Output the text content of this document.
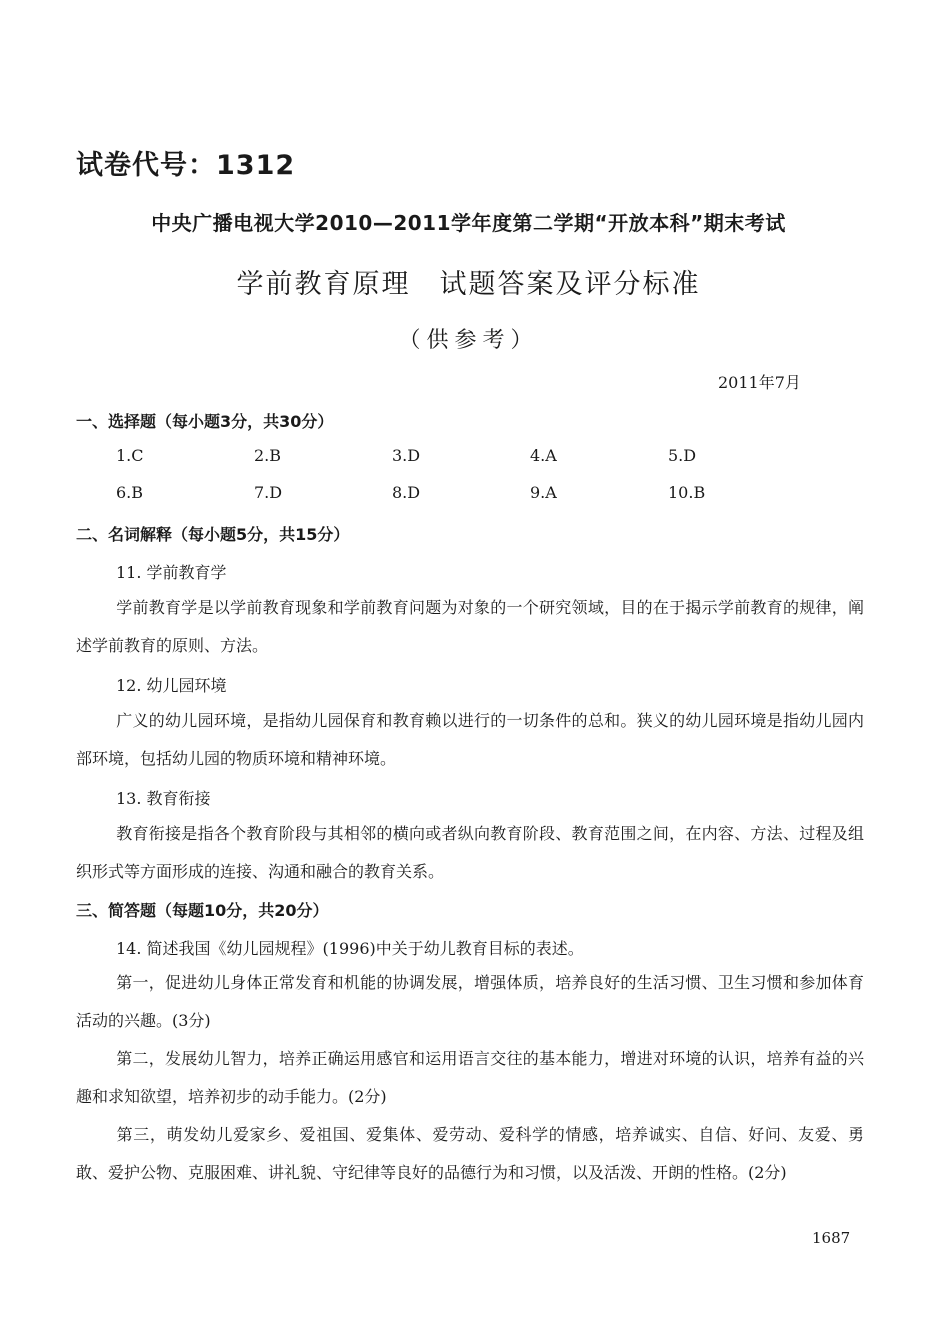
试卷代号：1312
中央广播电视大学2010—2011学年度第二学期“开放本科”期末考试
学前教育原理　试题答案及评分标准
（供参考）
2011年7月
一、选择题（每小题3分，共30分）
1.C	2.B	3.D	4.A	5.D
6.B	7.D	8.D	9.A	10.B
二、名词解释（每小题5分，共15分）
11. 学前教育学
学前教育学是以学前教育现象和学前教育问题为对象的一个研究领域，目的在于揭示学前教育的规律，阐述学前教育的原则、方法。
12. 幼儿园环境
广义的幼儿园环境，是指幼儿园保育和教育赖以进行的一切条件的总和。狭义的幼儿园环境是指幼儿园内部环境，包括幼儿园的物质环境和精神环境。
13. 教育衔接
教育衔接是指各个教育阶段与其相邻的横向或者纵向教育阶段、教育范围之间，在内容、方法、过程及组织形式等方面形成的连接、沟通和融合的教育关系。
三、简答题（每题10分，共20分）
14. 简述我国《幼儿园规程》(1996)中关于幼儿教育目标的表述。
第一，促进幼儿身体正常发育和机能的协调发展，增强体质，培养良好的生活习惯、卫生习惯和参加体育活动的兴趣。(3分)
第二，发展幼儿智力，培养正确运用感官和运用语言交往的基本能力，增进对环境的认识，培养有益的兴趣和求知欲望，培养初步的动手能力。(2分)
第三，萌发幼儿爱家乡、爱祖国、爱集体、爱劳动、爱科学的情感，培养诚实、自信、好问、友爱、勇敢、爱护公物、克服困难、讲礼貌、守纪律等良好的品德行为和习惯，以及活泼、开朗的性格。(2分)
1687
